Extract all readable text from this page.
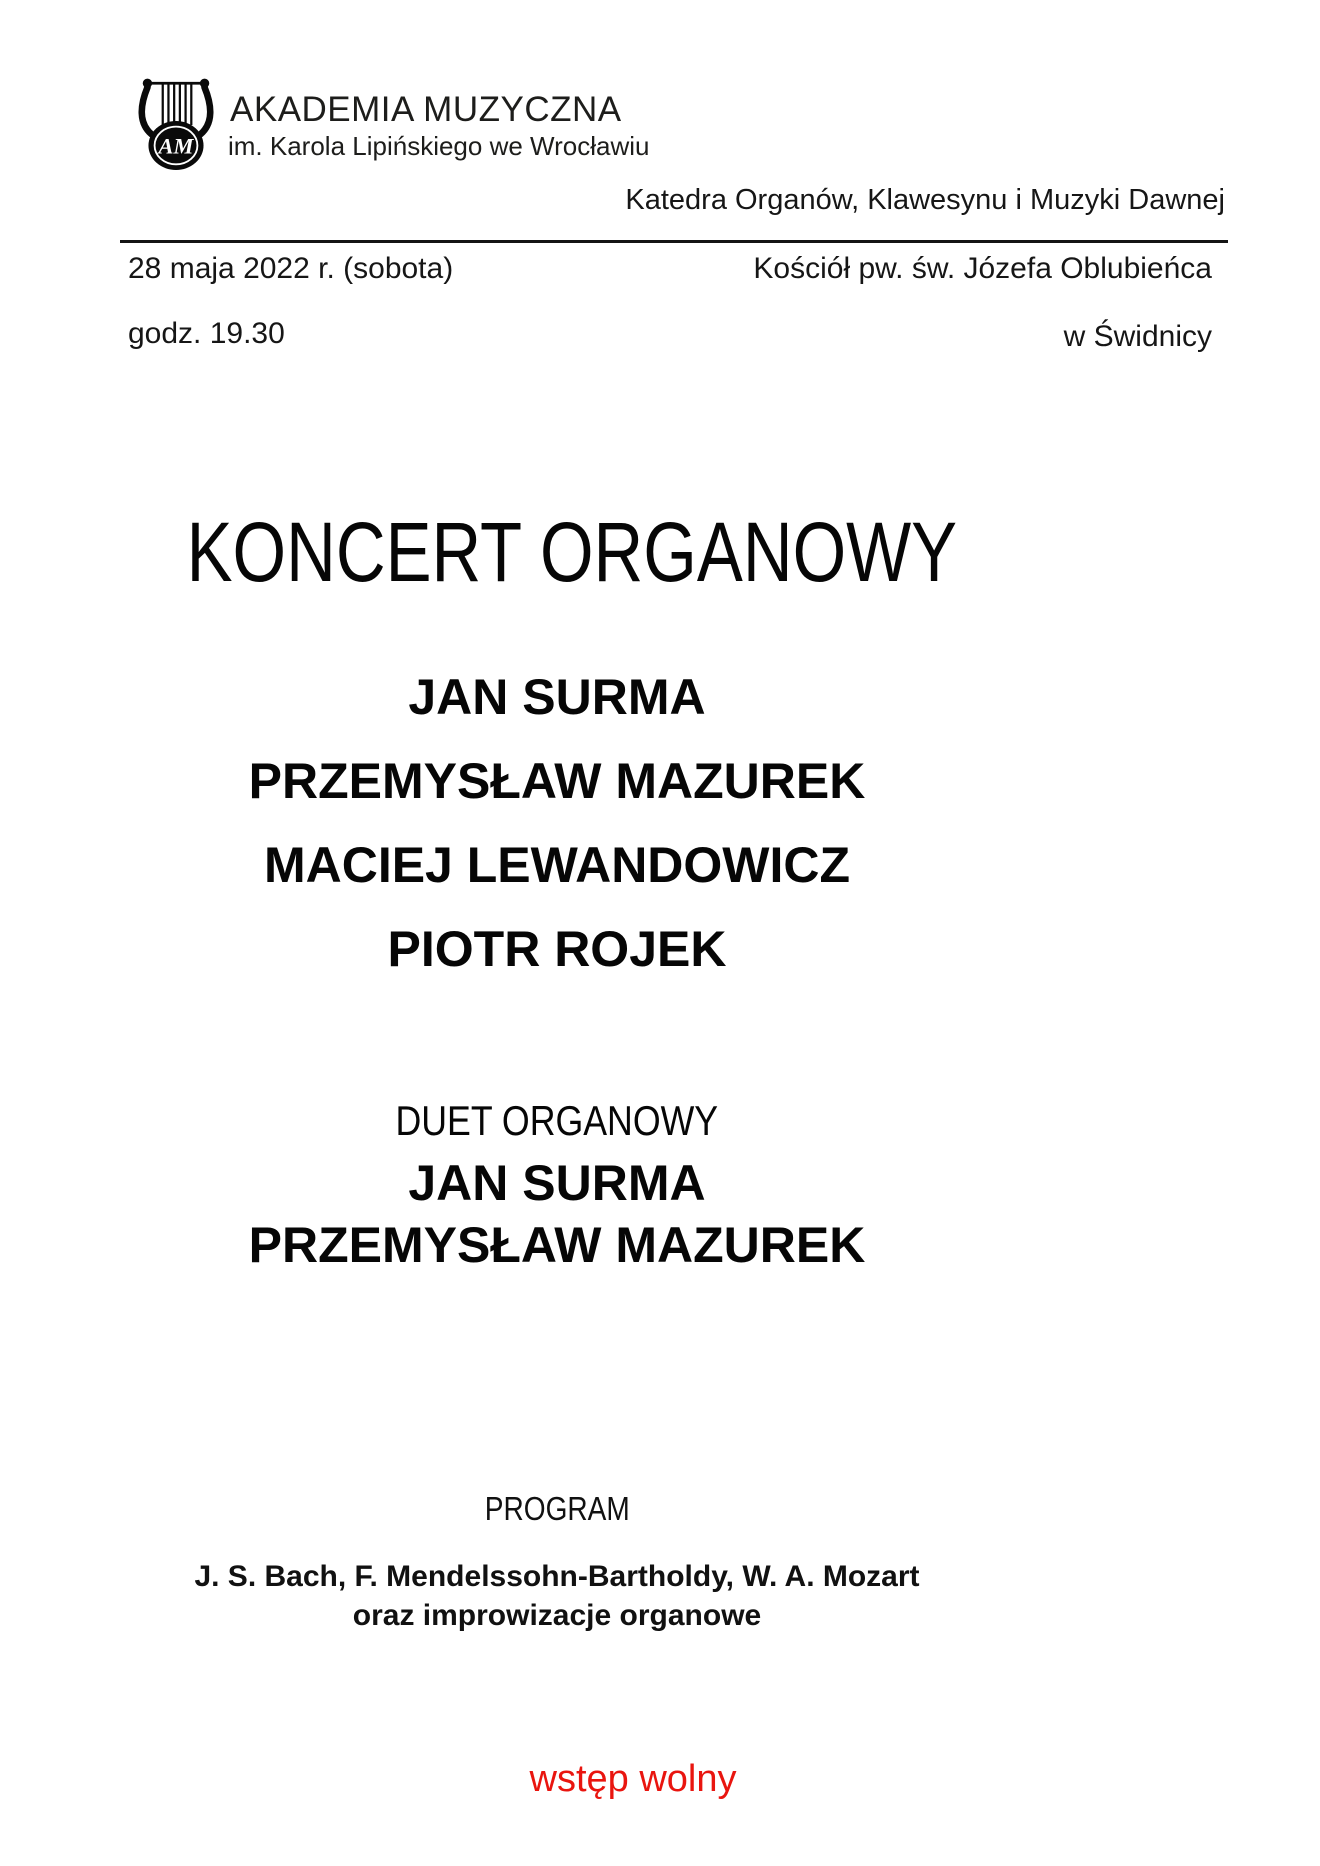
AM
AKADEMIA MUZYCZNA
im. Karola Lipińskiego we Wrocławiu
Katedra Organów, Klawesynu i Muzyki Dawnej
28 maja 2022 r. (sobota)	Kościół pw. św. Józefa Oblubieńca
godz. 19.30	w Świdnicy
KONCERT ORGANOWY
JAN SURMA
PRZEMYSŁAW MAZUREK
MACIEJ LEWANDOWICZ
PIOTR ROJEK
DUET ORGANOWY
JAN SURMA
PRZEMYSŁAW MAZUREK
PROGRAM
J. S. Bach, F. Mendelssohn-Bartholdy, W. A. Mozart
oraz improwizacje organowe
wstęp wolny
